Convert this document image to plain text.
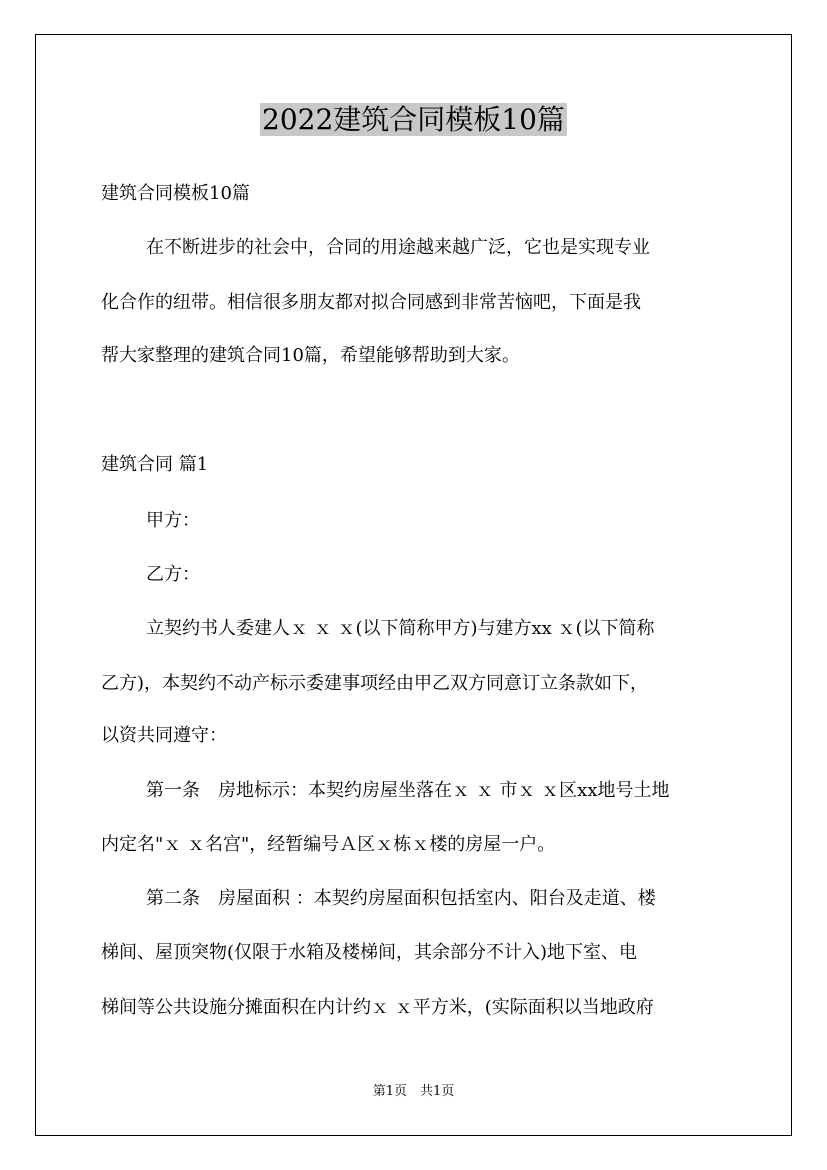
2022建筑合同模板10篇
建筑合同模板10篇
在不断进步的社会中，合同的用途越来越广泛，它也是实现专业
化合作的纽带。相信很多朋友都对拟合同感到非常苦恼吧，下面是我
帮大家整理的建筑合同10篇，希望能够帮助到大家。
建筑合同 篇1
甲方：
乙方：
立契约书人委建人ｘ ｘ ｘ(以下简称甲方)与建方xx ｘ(以下简称
乙方)，本契约不动产标示委建事项经由甲乙双方同意订立条款如下，
以资共同遵守：
第一条　房地标示：本契约房屋坐落在ｘ ｘ 市ｘ ｘ区xx地号土地
内定名"ｘ ｘ名宫"，经暂编号Ａ区ｘ栋ｘ楼的房屋一户。
第二条　房屋面积 ：本契约房屋面积包括室内、阳台及走道、楼
梯间、屋顶突物(仅限于水箱及楼梯间，其余部分不计入)地下室、电
梯间等公共设施分摊面积在内计约ｘ ｘ平方米，(实际面积以当地政府
第1页　共1页
